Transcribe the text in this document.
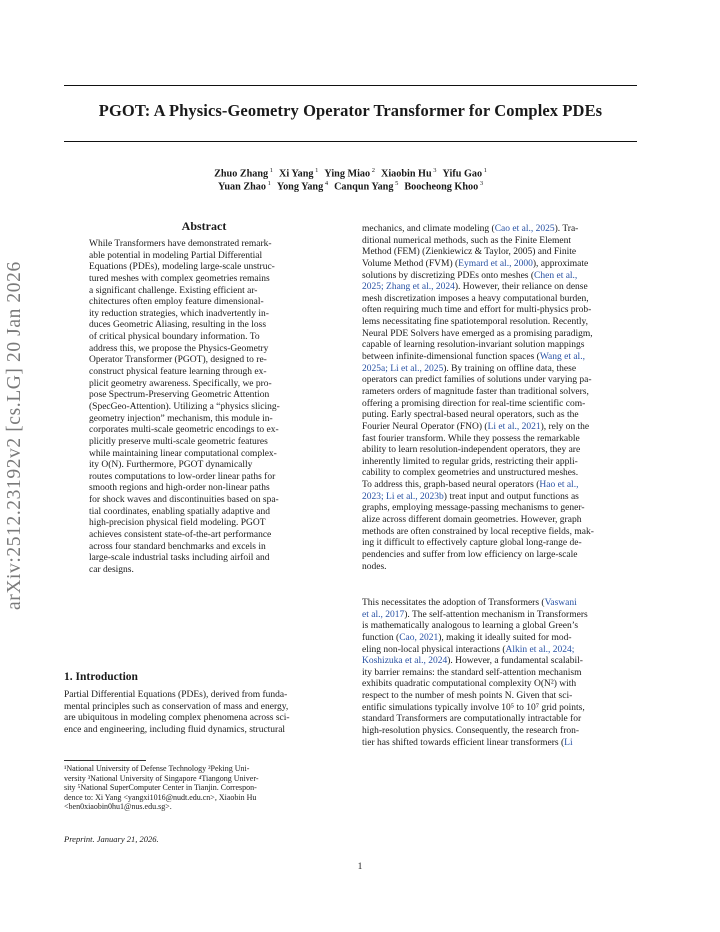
PGOT: A Physics-Geometry Operator Transformer for Complex PDEs
Zhuo Zhang $^1$ Xi Yang $^1$ Ying Miao $^2$ Xiaobin Hu $^3$ Yifu Gao $^1$
Yuan Zhao $^1$ Yong Yang $^4$ Canqun Yang $^5$ Boocheong Khoo $^3$
arXiv:2512.23192v2 [cs.LG] 20 Jan 2026
Abstract
While Transformers have demonstrated remark-
able potential in modeling Partial Differential
Equations (PDEs), modeling large-scale unstruc-
tured meshes with complex geometries remains
a significant challenge. Existing efficient ar-
chitectures often employ feature dimensional-
ity reduction strategies, which inadvertently in-
duces Geometric Aliasing, resulting in the loss
of critical physical boundary information. To
address this, we propose the Physics-Geometry
Operator Transformer (PGOT), designed to re-
construct physical feature learning through ex-
plicit geometry awareness. Specifically, we pro-
pose Spectrum-Preserving Geometric Attention
(SpecGeo-Attention). Utilizing a “physics slicing-
geometry injection” mechanism, this module in-
corporates multi-scale geometric encodings to ex-
plicitly preserve multi-scale geometric features
while maintaining linear computational complex-
ity O(N). Furthermore, PGOT dynamically
routes computations to low-order linear paths for
smooth regions and high-order non-linear paths
for shock waves and discontinuities based on spa-
tial coordinates, enabling spatially adaptive and
high-precision physical field modeling. PGOT
achieves consistent state-of-the-art performance
across four standard benchmarks and excels in
large-scale industrial tasks including airfoil and
car designs.
1. Introduction
Partial Differential Equations (PDEs), derived from funda-
mental principles such as conservation of mass and energy,
are ubiquitous in modeling complex phenomena across sci-
ence and engineering, including fluid dynamics, structural
¹National University of Defense Technology ²Peking Uni-
versity ³National University of Singapore ⁴Tiangong Univer-
sity ⁵National SuperComputer Center in Tianjin. Correspon-
dence to: Xi Yang <yangxi1016@nudt.edu.cn>, Xiaobin Hu
<ben0xiaobin0hu1@nus.edu.sg>.
Preprint. January 21, 2026.
mechanics, and climate modeling (Cao et al., 2025). Tra-
ditional numerical methods, such as the Finite Element
Method (FEM) (Zienkiewicz & Taylor, 2005) and Finite
Volume Method (FVM) (Eymard et al., 2000), approximate
solutions by discretizing PDEs onto meshes (Chen et al.,
2025; Zhang et al., 2024). However, their reliance on dense
mesh discretization imposes a heavy computational burden,
often requiring much time and effort for multi-physics prob-
lems necessitating fine spatiotemporal resolution. Recently,
Neural PDE Solvers have emerged as a promising paradigm,
capable of learning resolution-invariant solution mappings
between infinite-dimensional function spaces (Wang et al.,
2025a; Li et al., 2025). By training on offline data, these
operators can predict families of solutions under varying pa-
rameters orders of magnitude faster than traditional solvers,
offering a promising direction for real-time scientific com-
puting. Early spectral-based neural operators, such as the
Fourier Neural Operator (FNO) (Li et al., 2021), rely on the
fast fourier transform. While they possess the remarkable
ability to learn resolution-independent operators, they are
inherently limited to regular grids, restricting their appli-
cability to complex geometries and unstructured meshes.
To address this, graph-based neural operators (Hao et al.,
2023; Li et al., 2023b) treat input and output functions as
graphs, employing message-passing mechanisms to gener-
alize across different domain geometries. However, graph
methods are often constrained by local receptive fields, mak-
ing it difficult to effectively capture global long-range de-
pendencies and suffer from low efficiency on large-scale
nodes.
This necessitates the adoption of Transformers (Vaswani
et al., 2017). The self-attention mechanism in Transformers
is mathematically analogous to learning a global Green’s
function (Cao, 2021), making it ideally suited for mod-
eling non-local physical interactions (Alkin et al., 2024;
Koshizuka et al., 2024). However, a fundamental scalabil-
ity barrier remains: the standard self-attention mechanism
exhibits quadratic computational complexity O(N²) with
respect to the number of mesh points N. Given that sci-
entific simulations typically involve 10⁵ to 10⁷ grid points,
standard Transformers are computationally intractable for
high-resolution physics. Consequently, the research fron-
tier has shifted towards efficient linear transformers (Li
1
